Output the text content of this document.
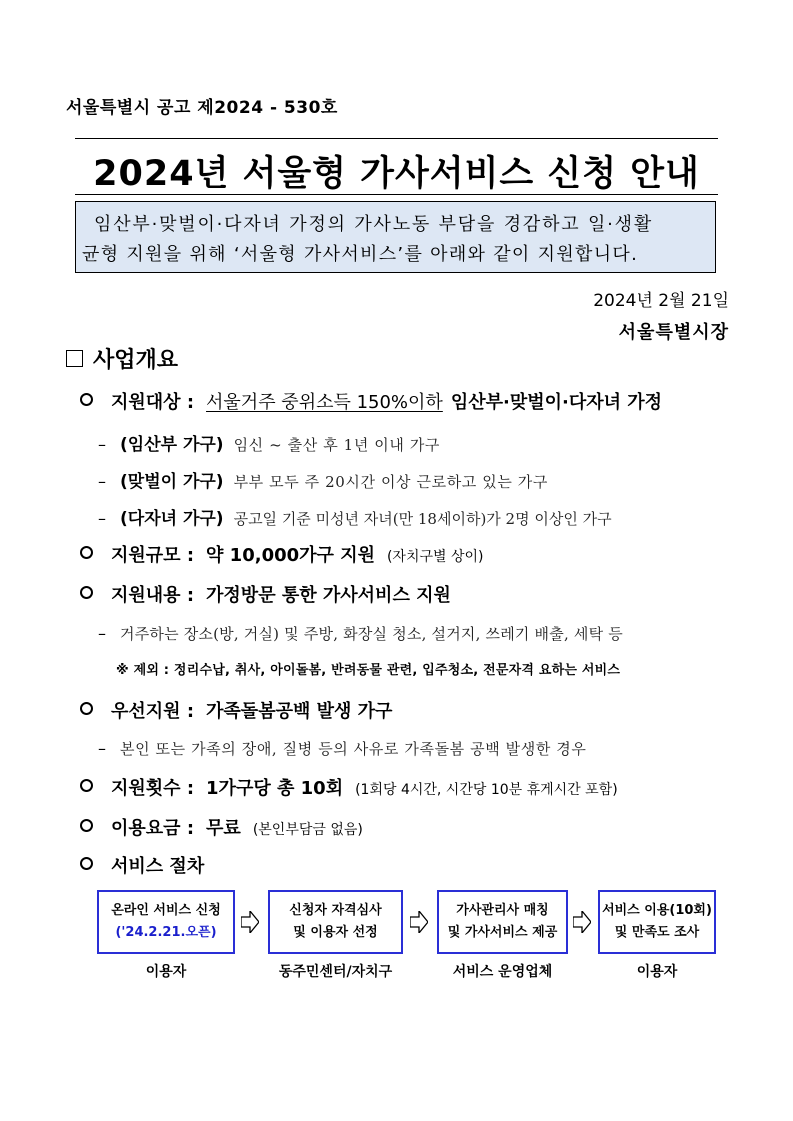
서울특별시 공고 제2024 - 530호
2024년 서울형 가사서비스 신청 안내
임산부·맞벌이·다자녀 가정의 가사노동 부담을 경감하고 일·생활
균형 지원을 위해 ‘서울형 가사서비스’를 아래와 같이 지원합니다.
2024년 2월 21일
서울특별시장
사업개요
지원대상 : 서울거주 중위소득 150%이하 임산부·맞벌이·다자녀 가정
– (임산부 가구) 임신 ~ 출산 후 1년 이내 가구
– (맞벌이 가구) 부부 모두 주 20시간 이상 근로하고 있는 가구
– (다자녀 가구) 공고일 기준 미성년 자녀(만 18세이하)가 2명 이상인 가구
지원규모 : 약 10,000가구 지원 (자치구별 상이)
지원내용 : 가정방문 통한 가사서비스 지원
– 거주하는 장소(방, 거실) 및 주방, 화장실 청소, 설거지, 쓰레기 배출, 세탁 등
※ 제외 : 정리수납, 취사, 아이돌봄, 반려동물 관련, 입주청소, 전문자격 요하는 서비스
우선지원 : 가족돌봄공백 발생 가구
– 본인 또는 가족의 장애, 질병 등의 사유로 가족돌봄 공백 발생한 경우
지원횟수 : 1가구당 총 10회 (1회당 4시간, 시간당 10분 휴게시간 포함)
이용요금 : 무료 (본인부담금 없음)
서비스 절차
온라인 서비스 신청
('24.2.21.오픈)
신청자 자격심사
및 이용자 선정
가사관리사 매칭
및 가사서비스 제공
서비스 이용(10회)
및 만족도 조사
이용자	동주민센터/자치구	서비스 운영업체	이용자
